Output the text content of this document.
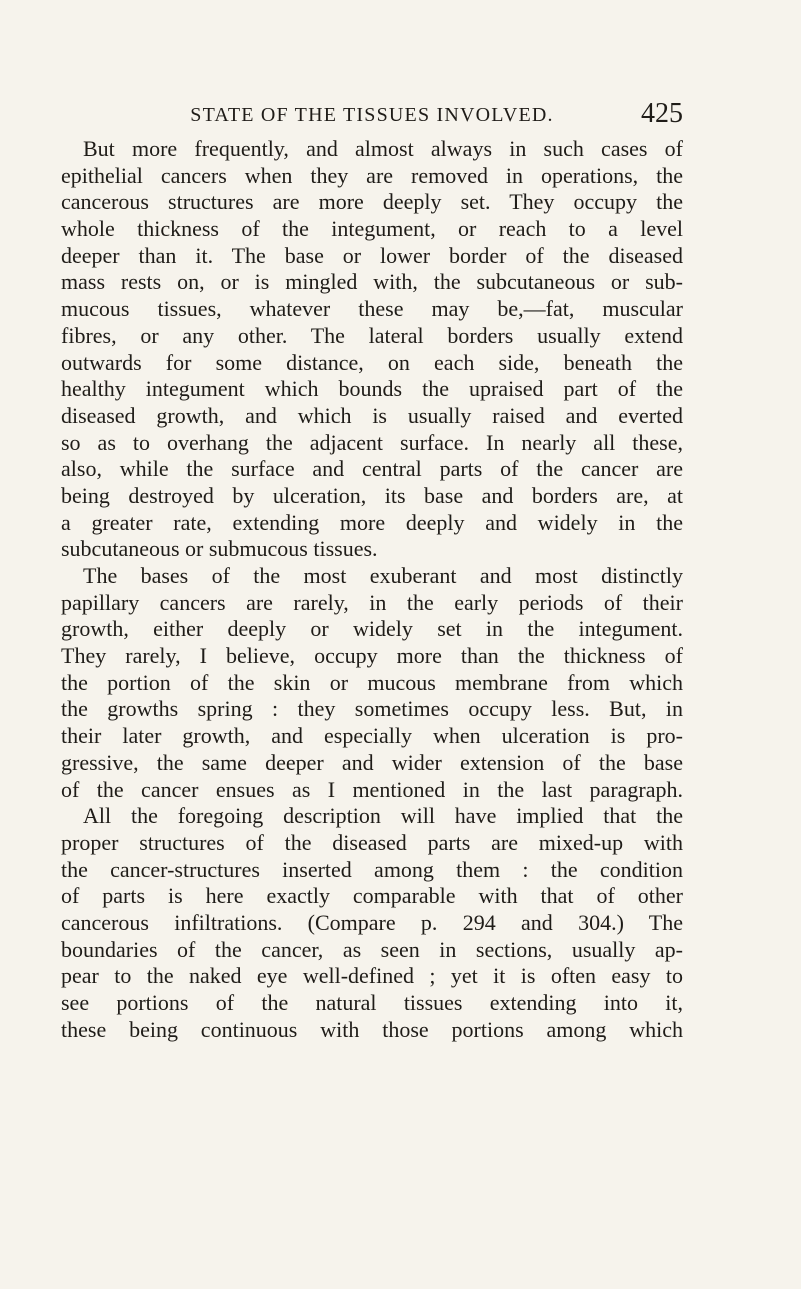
STATE OF THE TISSUES INVOLVED.	425
But more frequently, and almost always in such cases of
epithelial cancers when they are removed in operations, the
cancerous structures are more deeply set. They occupy the
whole thickness of the integument, or reach to a level
deeper than it. The base or lower border of the diseased
mass rests on, or is mingled with, the subcutaneous or sub-
mucous tissues, whatever these may be,—fat, muscular
fibres, or any other. The lateral borders usually extend
outwards for some distance, on each side, beneath the
healthy integument which bounds the upraised part of the
diseased growth, and which is usually raised and everted
so as to overhang the adjacent surface. In nearly all these,
also, while the surface and central parts of the cancer are
being destroyed by ulceration, its base and borders are, at
a greater rate, extending more deeply and widely in the
subcutaneous or submucous tissues.
The bases of the most exuberant and most distinctly
papillary cancers are rarely, in the early periods of their
growth, either deeply or widely set in the integument.
They rarely, I believe, occupy more than the thickness of
the portion of the skin or mucous membrane from which
the growths spring : they sometimes occupy less. But, in
their later growth, and especially when ulceration is pro-
gressive, the same deeper and wider extension of the base
of the cancer ensues as I mentioned in the last paragraph.
All the foregoing description will have implied that the
proper structures of the diseased parts are mixed-up with
the cancer-structures inserted among them : the condition
of parts is here exactly comparable with that of other
cancerous infiltrations. (Compare p. 294 and 304.) The
boundaries of the cancer, as seen in sections, usually ap-
pear to the naked eye well-defined ; yet it is often easy to
see portions of the natural tissues extending into it,
these being continuous with those portions among which
